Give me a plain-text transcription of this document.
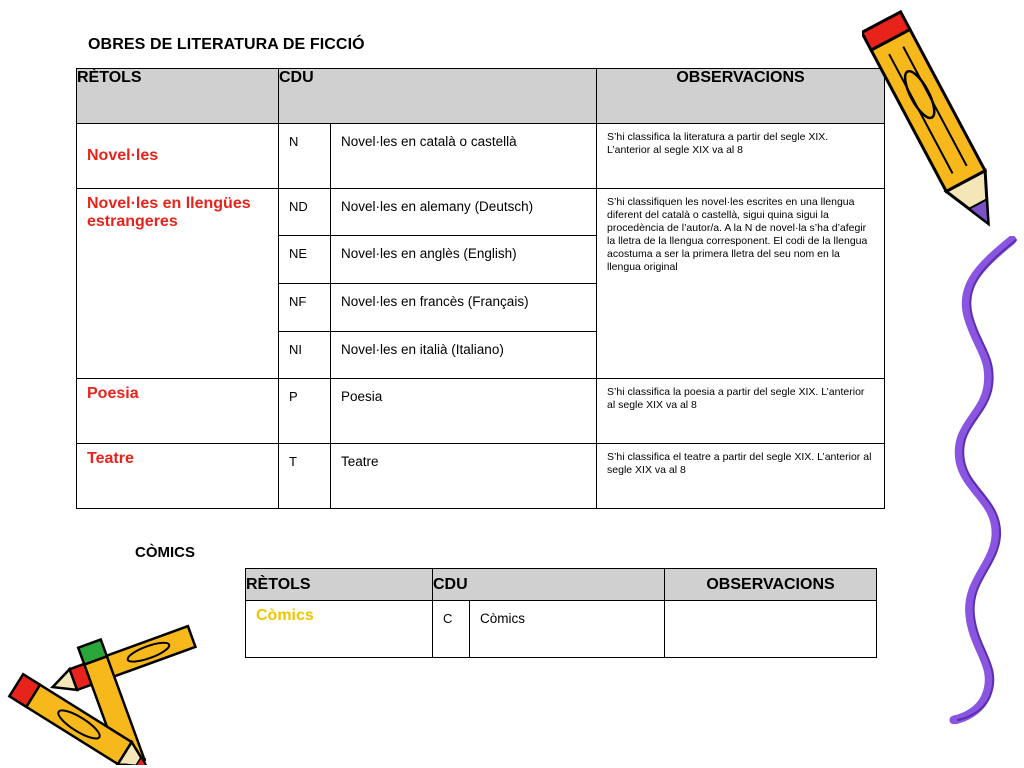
OBRES DE LITERATURA DE FICCIÓ
RÈTOLS	CDU		OBSERVACIONS
Novel·les	N	Novel·les en català o castellà	S’hi classifica la literatura a partir del segle XIX. L’anterior al segle XIX va al 8
Novel·les en llengües estrangeres	ND	Novel·les en alemany (Deutsch)	S’hi classifiquen les novel·les escrites en una llengua diferent del català o castellà, sigui quina sigui la procedència de l’autor/a. A la N de novel·la s’ha d’afegir la lletra de la llengua corresponent. El codi de la llengua acostuma a ser la primera lletra del seu nom en la llengua original
	NE	Novel·les en anglès (English)	
	NF	Novel·les en francès (Français)	
	NI	Novel·les en italià (Italiano)	
Poesia	P	Poesia	S’hi classifica la poesia a partir del segle XIX. L’anterior al segle XIX va al 8
Teatre	T	Teatre	S’hi classifica el teatre a partir del segle XIX. L’anterior al segle XIX va al 8
CÒMICS
RÈTOLS	CDU		OBSERVACIONS
Còmics	C	Còmics	
